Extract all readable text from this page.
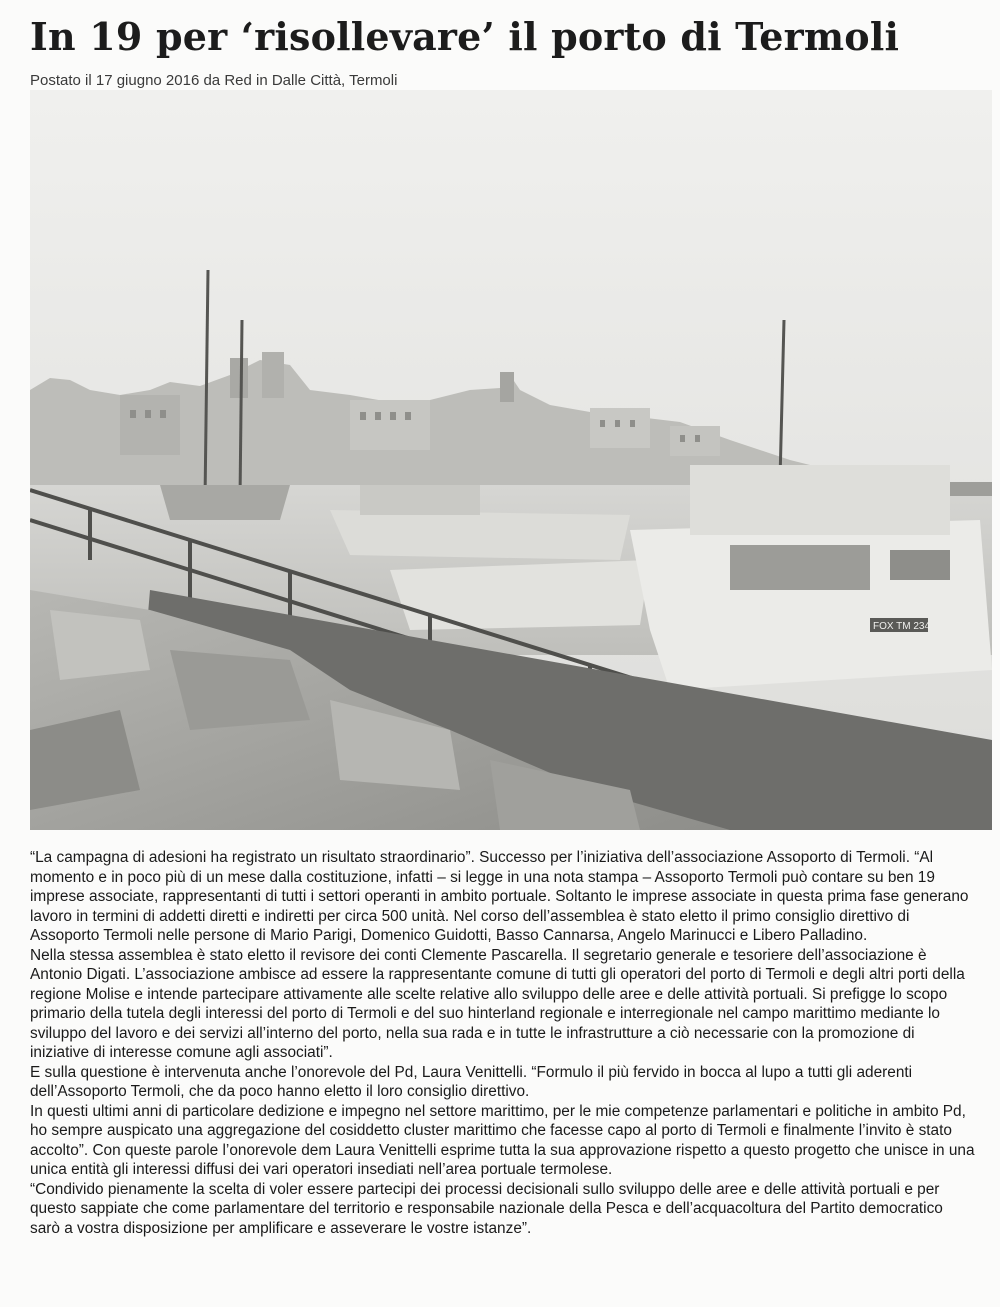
In 19 per ‘risollevare’ il porto di Termoli
Postato il 17 giugno 2016 da Red in Dalle Città, Termoli
FOX TM 234

“La campagna di adesioni ha registrato un risultato straordinario”. Successo per l’iniziativa dell’associazione Assoporto di Termoli. “Al momento e in poco più di un mese dalla costituzione, infatti – si legge in una nota stampa – Assoporto Termoli può contare su ben 19 imprese associate, rappresentanti di tutti i settori operanti in ambito portuale. Soltanto le imprese associate in questa prima fase generano lavoro in termini di addetti diretti e indiretti per circa 500 unità. Nel corso dell’assemblea è stato eletto il primo consiglio direttivo di Assoporto Termoli nelle persone di Mario Parigi, Domenico Guidotti, Basso Cannarsa, Angelo Marinucci e Libero Palladino.

Nella stessa assemblea è stato eletto il revisore dei conti Clemente Pascarella. Il segretario generale e tesoriere dell’associazione è Antonio Digati. L’associazione ambisce ad essere la rappresentante comune di tutti gli operatori del porto di Termoli e degli altri porti della regione Molise e intende partecipare attivamente alle scelte relative allo sviluppo delle aree e delle attività portuali. Si prefigge lo scopo primario della tutela degli interessi del porto di Termoli e del suo hinterland regionale e interregionale nel campo marittimo mediante lo sviluppo del lavoro e dei servizi all’interno del porto, nella sua rada e in tutte le infrastrutture a ciò necessarie con la promozione di iniziative di interesse comune agli associati”.

E sulla questione è intervenuta anche l’onorevole del Pd, Laura Venittelli. “Formulo il più fervido in bocca al lupo a tutti gli aderenti dell’Assoporto Termoli, che da poco hanno eletto il loro consiglio direttivo.

In questi ultimi anni di particolare dedizione e impegno nel settore marittimo, per le mie competenze parlamentari e politiche in ambito Pd, ho sempre auspicato una aggregazione del cosiddetto cluster marittimo che facesse capo al porto di Termoli e finalmente l’invito è stato accolto”. Con queste parole l’onorevole dem Laura Venittelli esprime tutta la sua approvazione rispetto a questo progetto che unisce in una unica entità gli interessi diffusi dei vari operatori insediati nell’area portuale termolese.

“Condivido pienamente la scelta di voler essere partecipi dei processi decisionali sullo sviluppo delle aree e delle attività portuali e per questo sappiate che come parlamentare del territorio e responsabile nazionale della Pesca e dell’acquacoltura del Partito democratico sarò a vostra disposizione per amplificare e asseverare le vostre istanze”.
